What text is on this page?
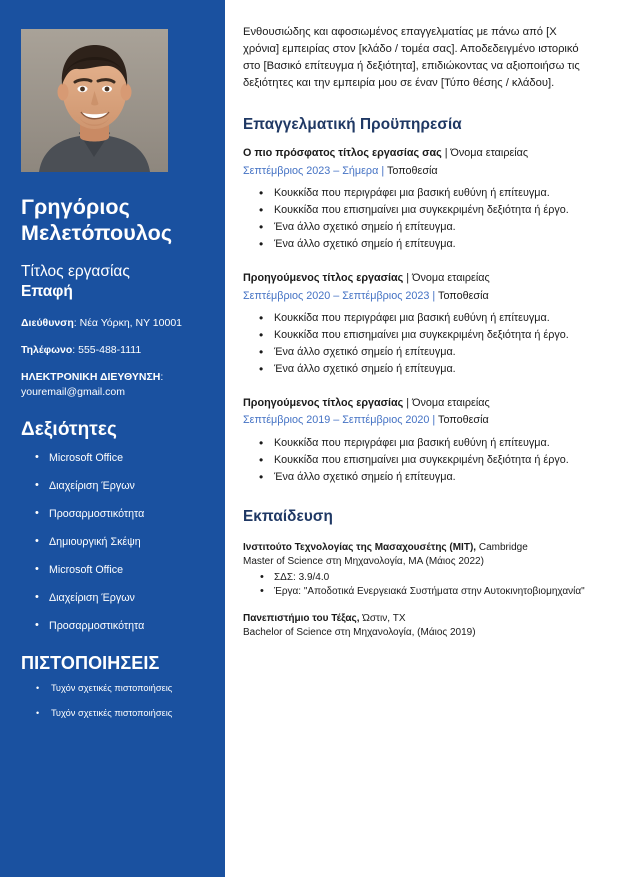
Γρηγόριος Μελετόπουλος
Τίτλος εργασίας
Επαφή
Διεύθυνση: Νέα Υόρκη, ΝΥ 10001
Τηλέφωνο: 555-488-1111
ΗΛΕΚΤΡΟΝΙΚΗ ΔΙΕΥΘΥΝΣΗ:
youremail@gmail.com
Δεξιότητες
• Microsoft Office
• Διαχείριση Έργων
• Προσαρμοστικότητα
• Δημιουργική Σκέψη
• Microsoft Office
• Διαχείριση Έργων
• Προσαρμοστικότητα
ΠΙΣΤΟΠΟΙΗΣΕΙΣ
• Τυχόν σχετικές πιστοποιήσεις
• Τυχόν σχετικές πιστοποιήσεις

Ενθουσιώδης και αφοσιωμένος επαγγελματίας με πάνω από [Χ χρόνια] εμπειρίας στον [κλάδο / τομέα σας]. Αποδεδειγμένο ιστορικό στο [Βασικό επίτευγμα ή δεξιότητα], επιδιώκοντας να αξιοποιήσω τις δεξιότητες και την εμπειρία μου σε έναν [Τύπο θέσης / κλάδου].

Επαγγελματική Προϋπηρεσία

Ο πιο πρόσφατος τίτλος εργασίας σας | Όνομα εταιρείας

Σεπτέμβριος 2023 – Σήμερα | Τοποθεσία

• Κουκκίδα που περιγράφει μια βασική ευθύνη ή επίτευγμα.
• Κουκκίδα που επισημαίνει μια συγκεκριμένη δεξιότητα ή έργο.
• Ένα άλλο σχετικό σημείο ή επίτευγμα.
• Ένα άλλο σχετικό σημείο ή επίτευγμα.

Προηγούμενος τίτλος εργασίας | Όνομα εταιρείας

Σεπτέμβριος 2020 – Σεπτέμβριος 2023 | Τοποθεσία

• Κουκκίδα που περιγράφει μια βασική ευθύνη ή επίτευγμα.
• Κουκκίδα που επισημαίνει μια συγκεκριμένη δεξιότητα ή έργο.
• Ένα άλλο σχετικό σημείο ή επίτευγμα.
• Ένα άλλο σχετικό σημείο ή επίτευγμα.

Προηγούμενος τίτλος εργασίας | Όνομα εταιρείας

Σεπτέμβριος 2019 – Σεπτέμβριος 2020 | Τοποθεσία

• Κουκκίδα που περιγράφει μια βασική ευθύνη ή επίτευγμα.
• Κουκκίδα που επισημαίνει μια συγκεκριμένη δεξιότητα ή έργο.
• Ένα άλλο σχετικό σημείο ή επίτευγμα.
Εκπαίδευση

Ινστιτούτο Τεχνολογίας της Μασαχουσέτης (MIT), Cambridge

Master of Science στη Μηχανολογία, MA (Μάιος 2022)

• ΣΔΣ: 3.9/4.0
• Έργα: "Αποδοτικά Ενεργειακά Συστήματα στην Αυτοκινητοβιομηχανία"

Πανεπιστήμιο του Τέξας, Ώστιν, TX

Bachelor of Science στη Μηχανολογία, (Μάιος 2019)
